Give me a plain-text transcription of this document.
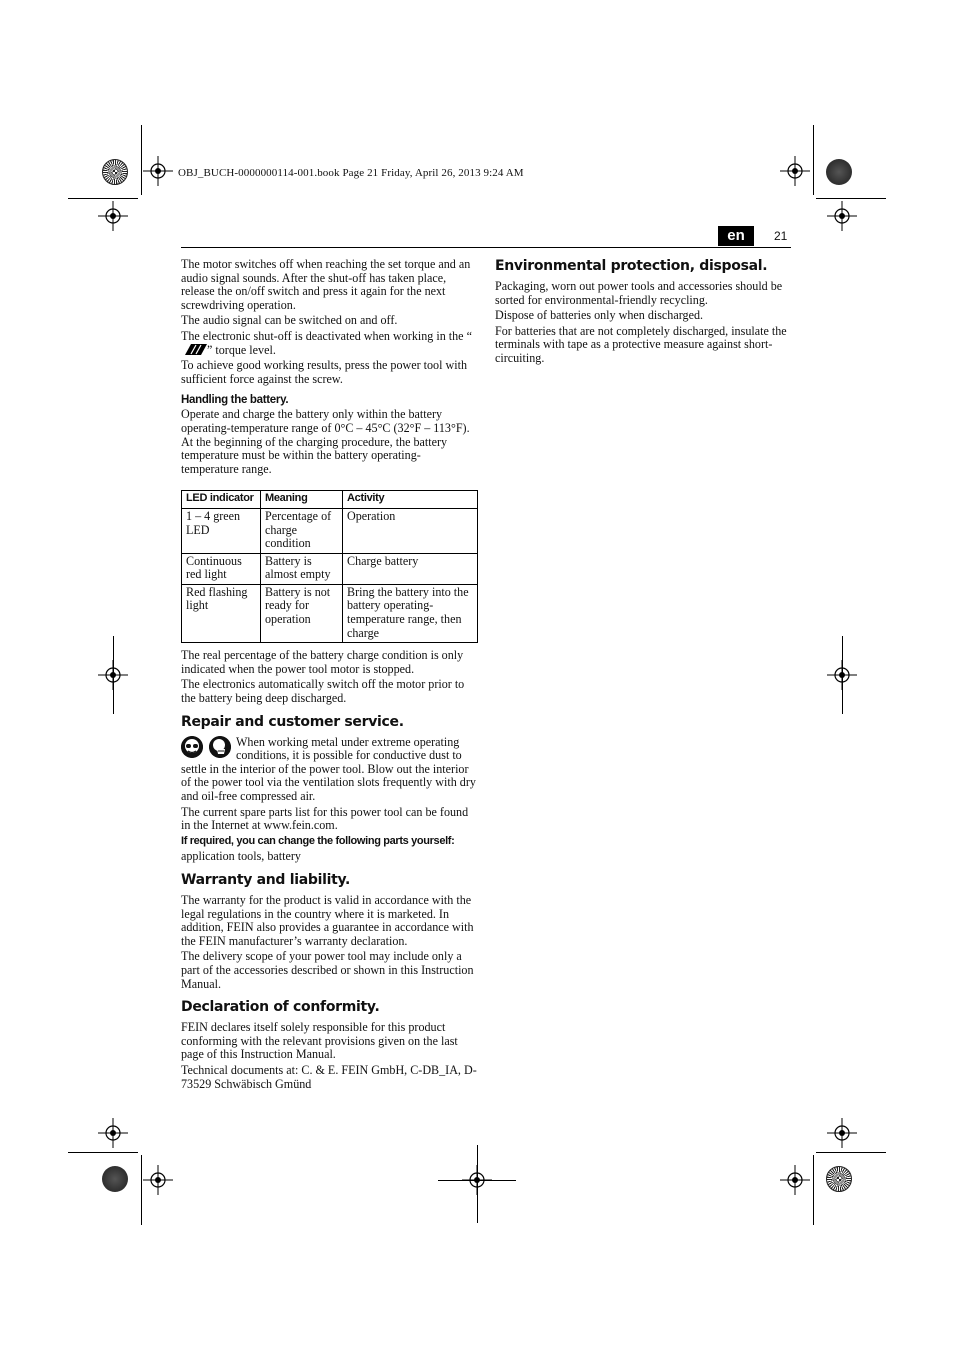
OBJ_BUCH-0000000114-001.book Page 21 Friday, April 26, 2013 9:24 AM
en	21

The motor switches off when reaching the set torque and an audio signal sounds. After the shut-off has taken place, release the on/off switch and press it again for the next screwdriving operation.

The audio signal can be switched on and off.

The electronic shut-off is deactivated when working in the “” torque level.

To achieve good working results, press the power tool with sufficient force against the screw.

Handling the battery.

Operate and charge the battery only within the battery operating-temperature range of 0°C – 45°C (32°F – 113°F). At the beginning of the charging procedure, the battery temperature must be within the battery operating-temperature range.

LED indicator	Meaning	Activity
1 – 4 green LED	Percentage of charge condition	Operation
Continuous red light	Battery is almost empty	Charge battery
Red flashing light	Battery is not ready for operation	Bring the battery into the battery operating-temperature range, then charge

The real percentage of the battery charge condition is only indicated when the power tool motor is stopped.

The electronics automatically switch off the motor prior to the battery being deep discharged.

Repair and customer service.

When working metal under extreme operating conditions, it is possible for conductive dust to settle in the interior of the power tool. Blow out the interior of the power tool via the ventilation slots frequently with dry and oil-free compressed air.

The current spare parts list for this power tool can be found in the Internet at www.fein.com.

If required, you can change the following parts yourself:

application tools, battery

Warranty and liability.

The warranty for the product is valid in accordance with the legal regulations in the country where it is marketed. In addition, FEIN also provides a guarantee in accordance with the FEIN manufacturer’s warranty declaration.

The delivery scope of your power tool may include only a part of the accessories described or shown in this Instruction Manual.

Declaration of conformity.

FEIN declares itself solely responsible for this product conforming with the relevant provisions given on the last page of this Instruction Manual.

Technical documents at: C. & E. FEIN GmbH, C-DB_IA, D-73529 Schwäbisch Gmünd

Environmental protection, disposal.

Packaging, worn out power tools and accessories should be sorted for environmental-friendly recycling.

Dispose of batteries only when discharged.

For batteries that are not completely discharged, insulate the terminals with tape as a protective measure against short-circuiting.
